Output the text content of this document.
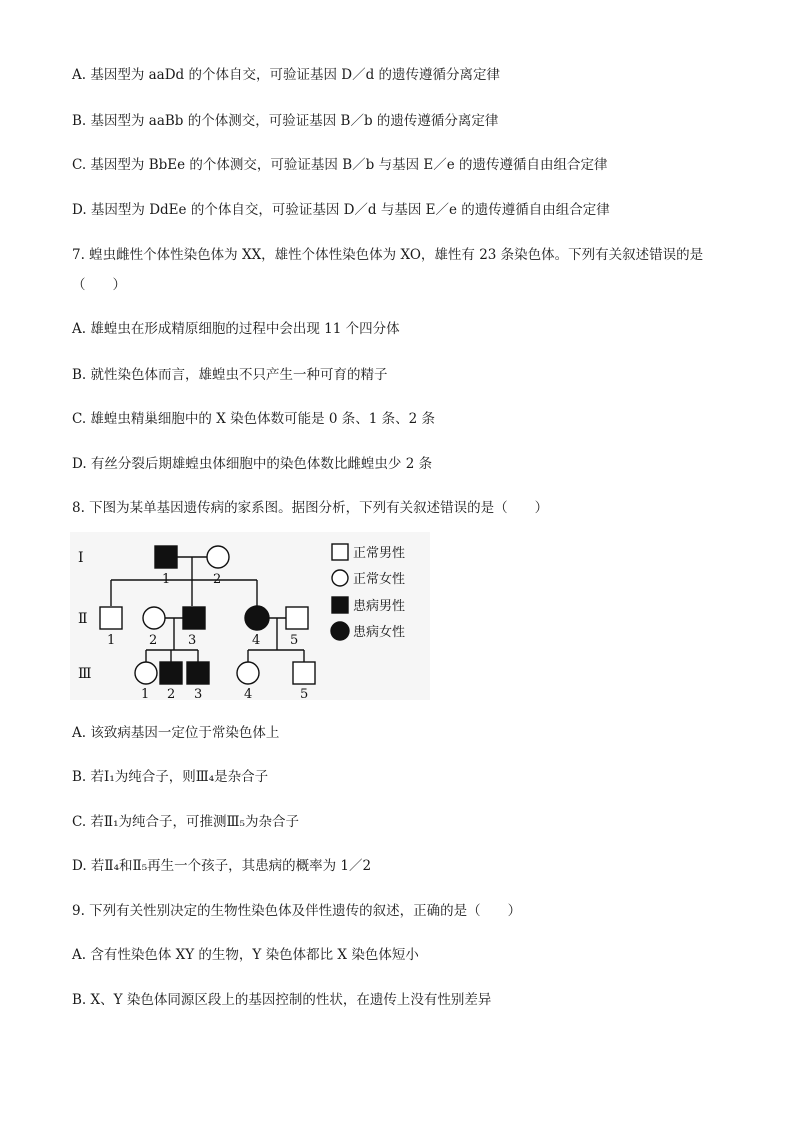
A. 基因型为 aaDd 的个体自交，可验证基因 D／d 的遗传遵循分离定律
B. 基因型为 aaBb 的个体测交，可验证基因 B／b 的遗传遵循分离定律
C. 基因型为 BbEe 的个体测交，可验证基因 B／b 与基因 E／e 的遗传遵循自由组合定律
D. 基因型为 DdEe 的个体自交，可验证基因 D／d 与基因 E／e 的遗传遵循自由组合定律
7. 蝗虫雌性个体性染色体为 XX，雄性个体性染色体为 XO，雄性有 23 条染色体。下列有关叙述错误的是
（　　）
A. 雄蝗虫在形成精原细胞的过程中会出现 11 个四分体
B. 就性染色体而言，雄蝗虫不只产生一种可育的精子
C. 雄蝗虫精巢细胞中的 X 染色体数可能是 0 条、1 条、2 条
D. 有丝分裂后期雄蝗虫体细胞中的染色体数比雌蝗虫少 2 条
8. 下图为某单基因遗传病的家系图。据图分析，下列有关叙述错误的是（　　）
Ⅰ
Ⅱ
Ⅲ
1	2
1	2 3	4 5
1 2 3	4	5
正常男性
正常女性
患病男性
患病女性
A. 该致病基因一定位于常染色体上
B. 若Ⅰ₁为纯合子，则Ⅲ₄是杂合子
C. 若Ⅱ₁为纯合子，可推测Ⅲ₅为杂合子
D. 若Ⅱ₄和Ⅱ₅再生一个孩子，其患病的概率为 1／2
9. 下列有关性别决定的生物性染色体及伴性遗传的叙述，正确的是（　　）
A. 含有性染色体 XY 的生物，Y 染色体都比 X 染色体短小
B. X、Y 染色体同源区段上的基因控制的性状，在遗传上没有性别差异
